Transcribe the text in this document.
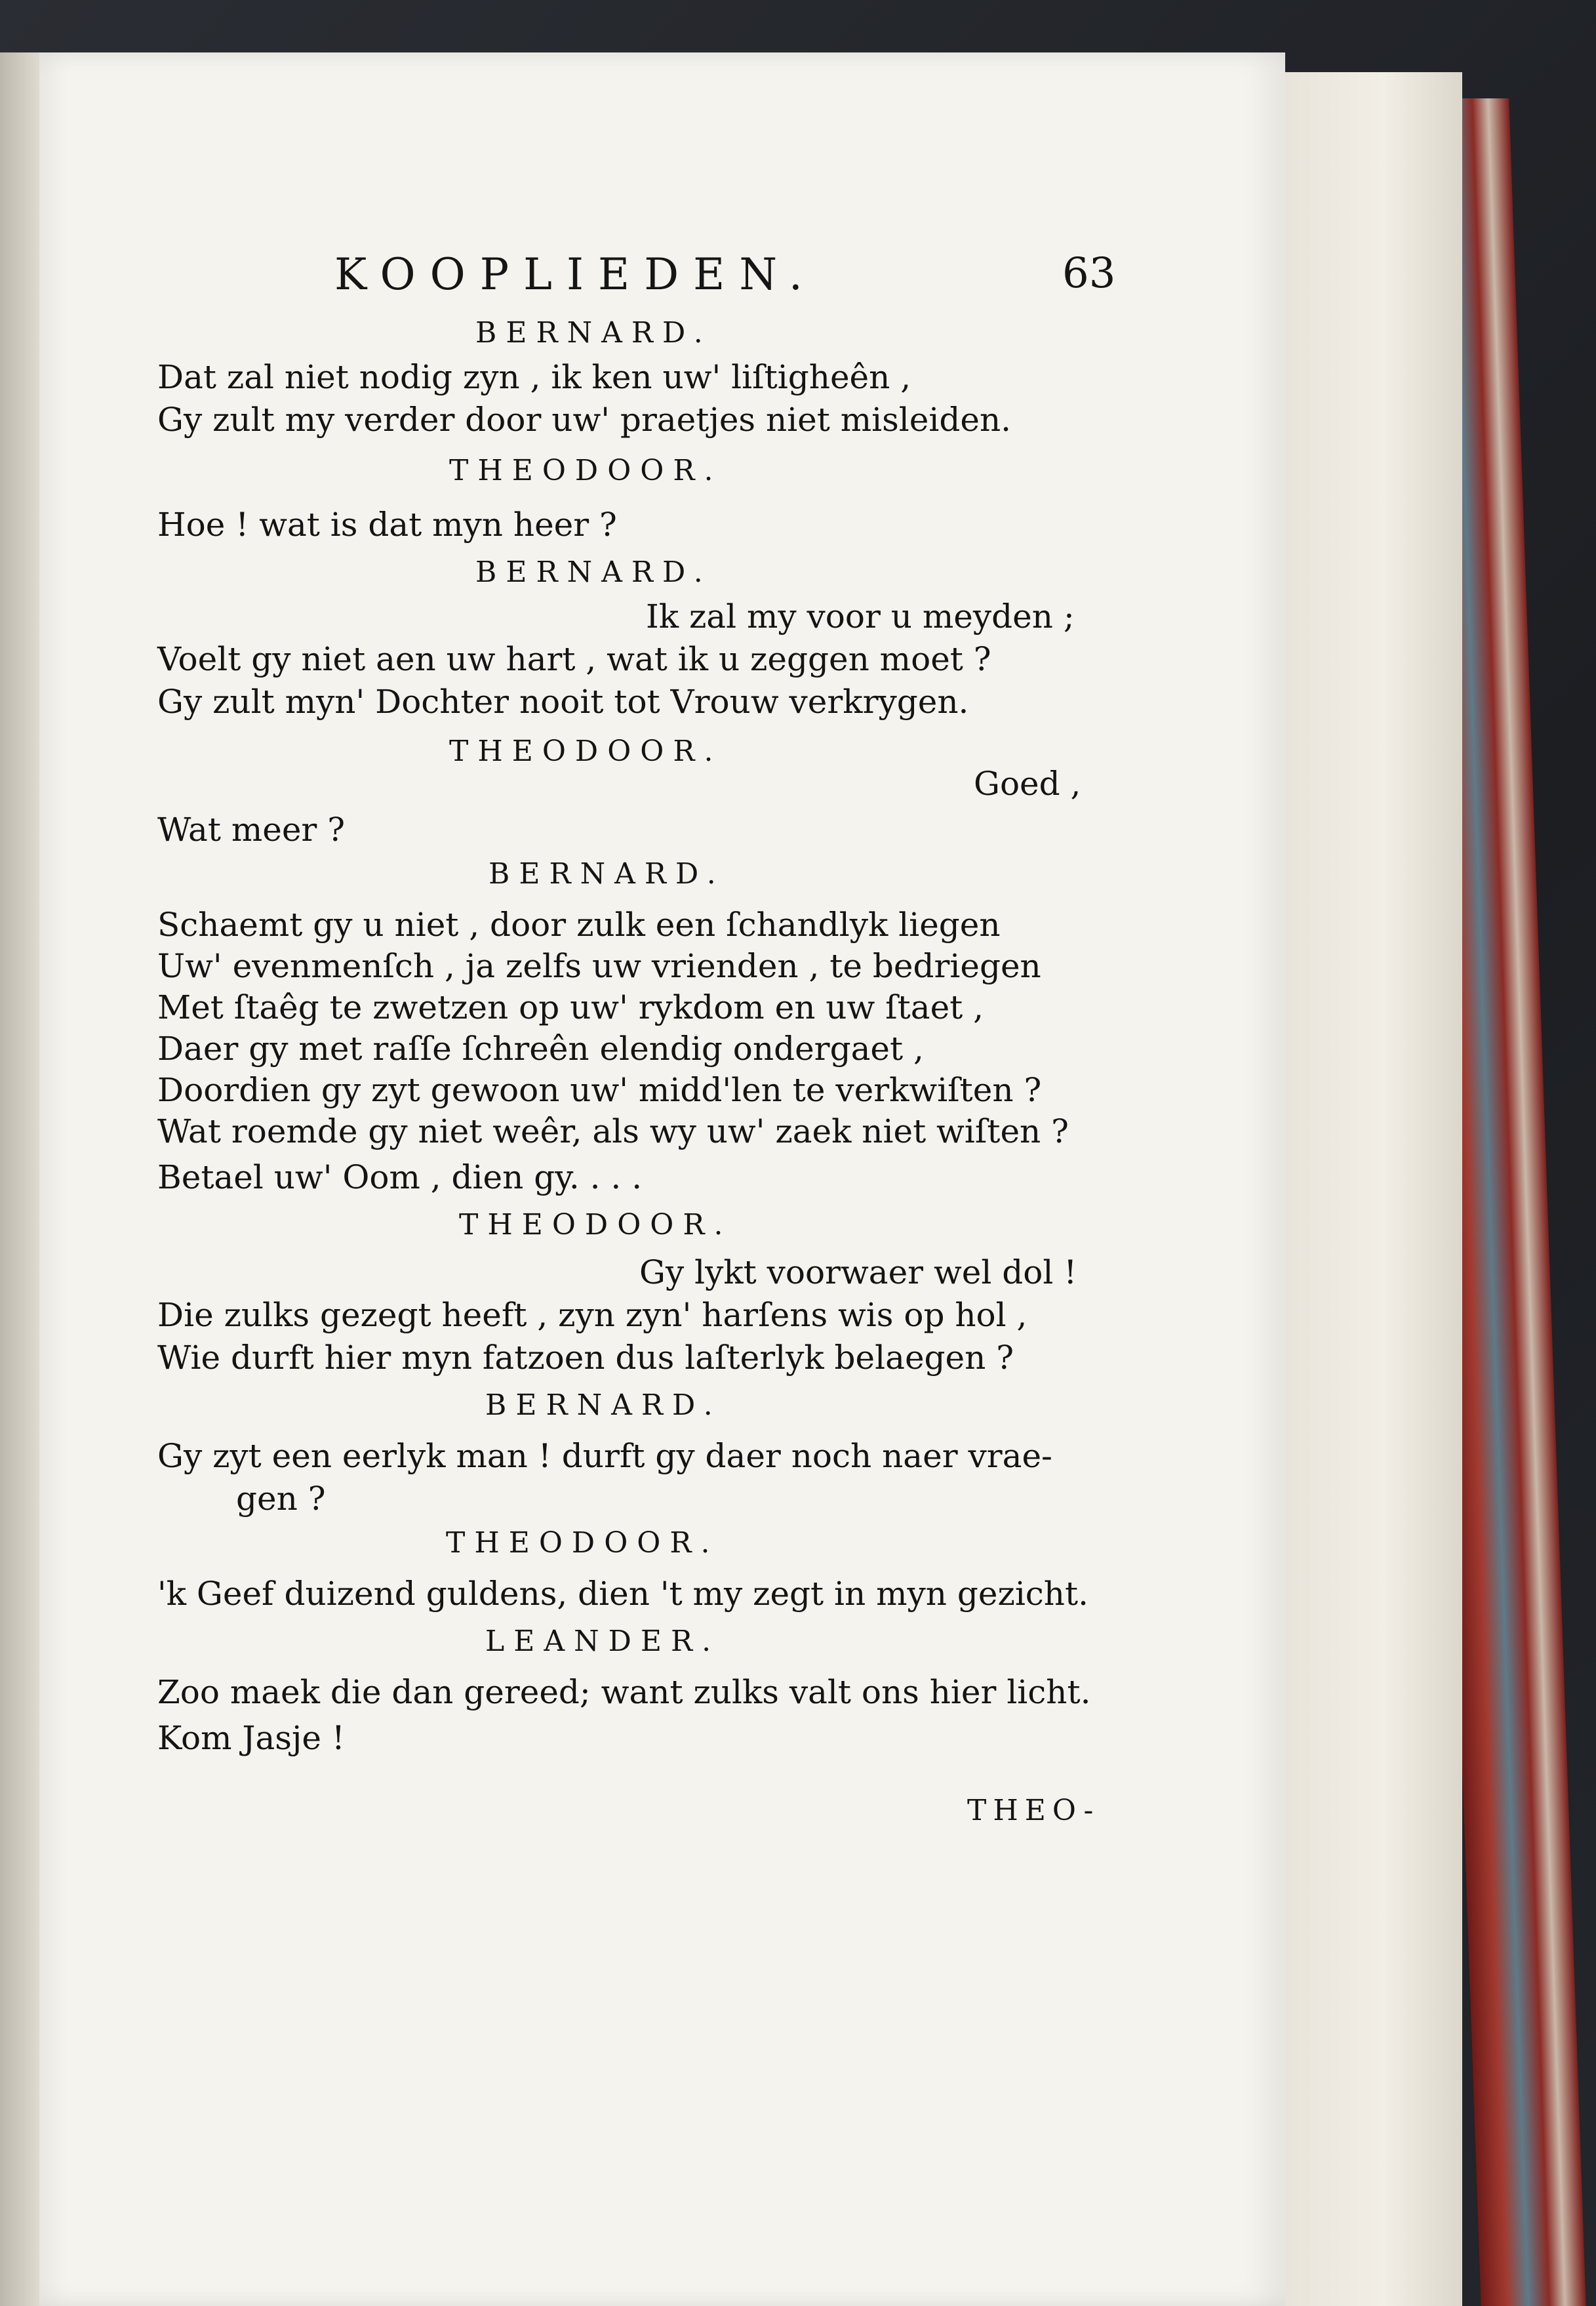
KOOPLIEDEN.	63
BERNARD.
Dat zal niet nodig zyn , ik ken uw' liſtigheên ,
Gy zult my verder door uw' praetjes niet misleiden.
THEODOOR.
Hoe ! wat is dat myn heer ?
BERNARD.
Ik zal my voor u meyden ;
Voelt gy niet aen uw hart , wat ik u zeggen moet ?
Gy zult myn' Dochter nooit tot Vrouw verkrygen.
THEODOOR.
Goed ,
Wat meer ?
BERNARD.
Schaemt gy u niet , door zulk een ſchandlyk liegen
Uw' evenmenſch , ja zelfs uw vrienden , te bedriegen
Met ſtaêg te zwetzen op uw' rykdom en uw ſtaet ,
Daer gy met raſſe ſchreên elendig ondergaet ,
Doordien gy zyt gewoon uw' midd'len te verkwiſten ?
Wat roemde gy niet weêr, als wy uw' zaek niet wiſten ?
Betael uw' Oom , dien gy. . . .
THEODOOR.
Gy lykt voorwaer wel dol !
Die zulks gezegt heeft , zyn zyn' harſens wis op hol ,
Wie durft hier myn fatzoen dus laſterlyk belaegen ?
BERNARD.
Gy zyt een eerlyk man ! durft gy daer noch naer vrae-
gen ?
THEODOOR.
'k Geef duizend guldens, dien 't my zegt in myn gezicht.
LEANDER.
Zoo maek die dan gereed; want zulks valt ons hier licht.
Kom Jasje !
THEO-
